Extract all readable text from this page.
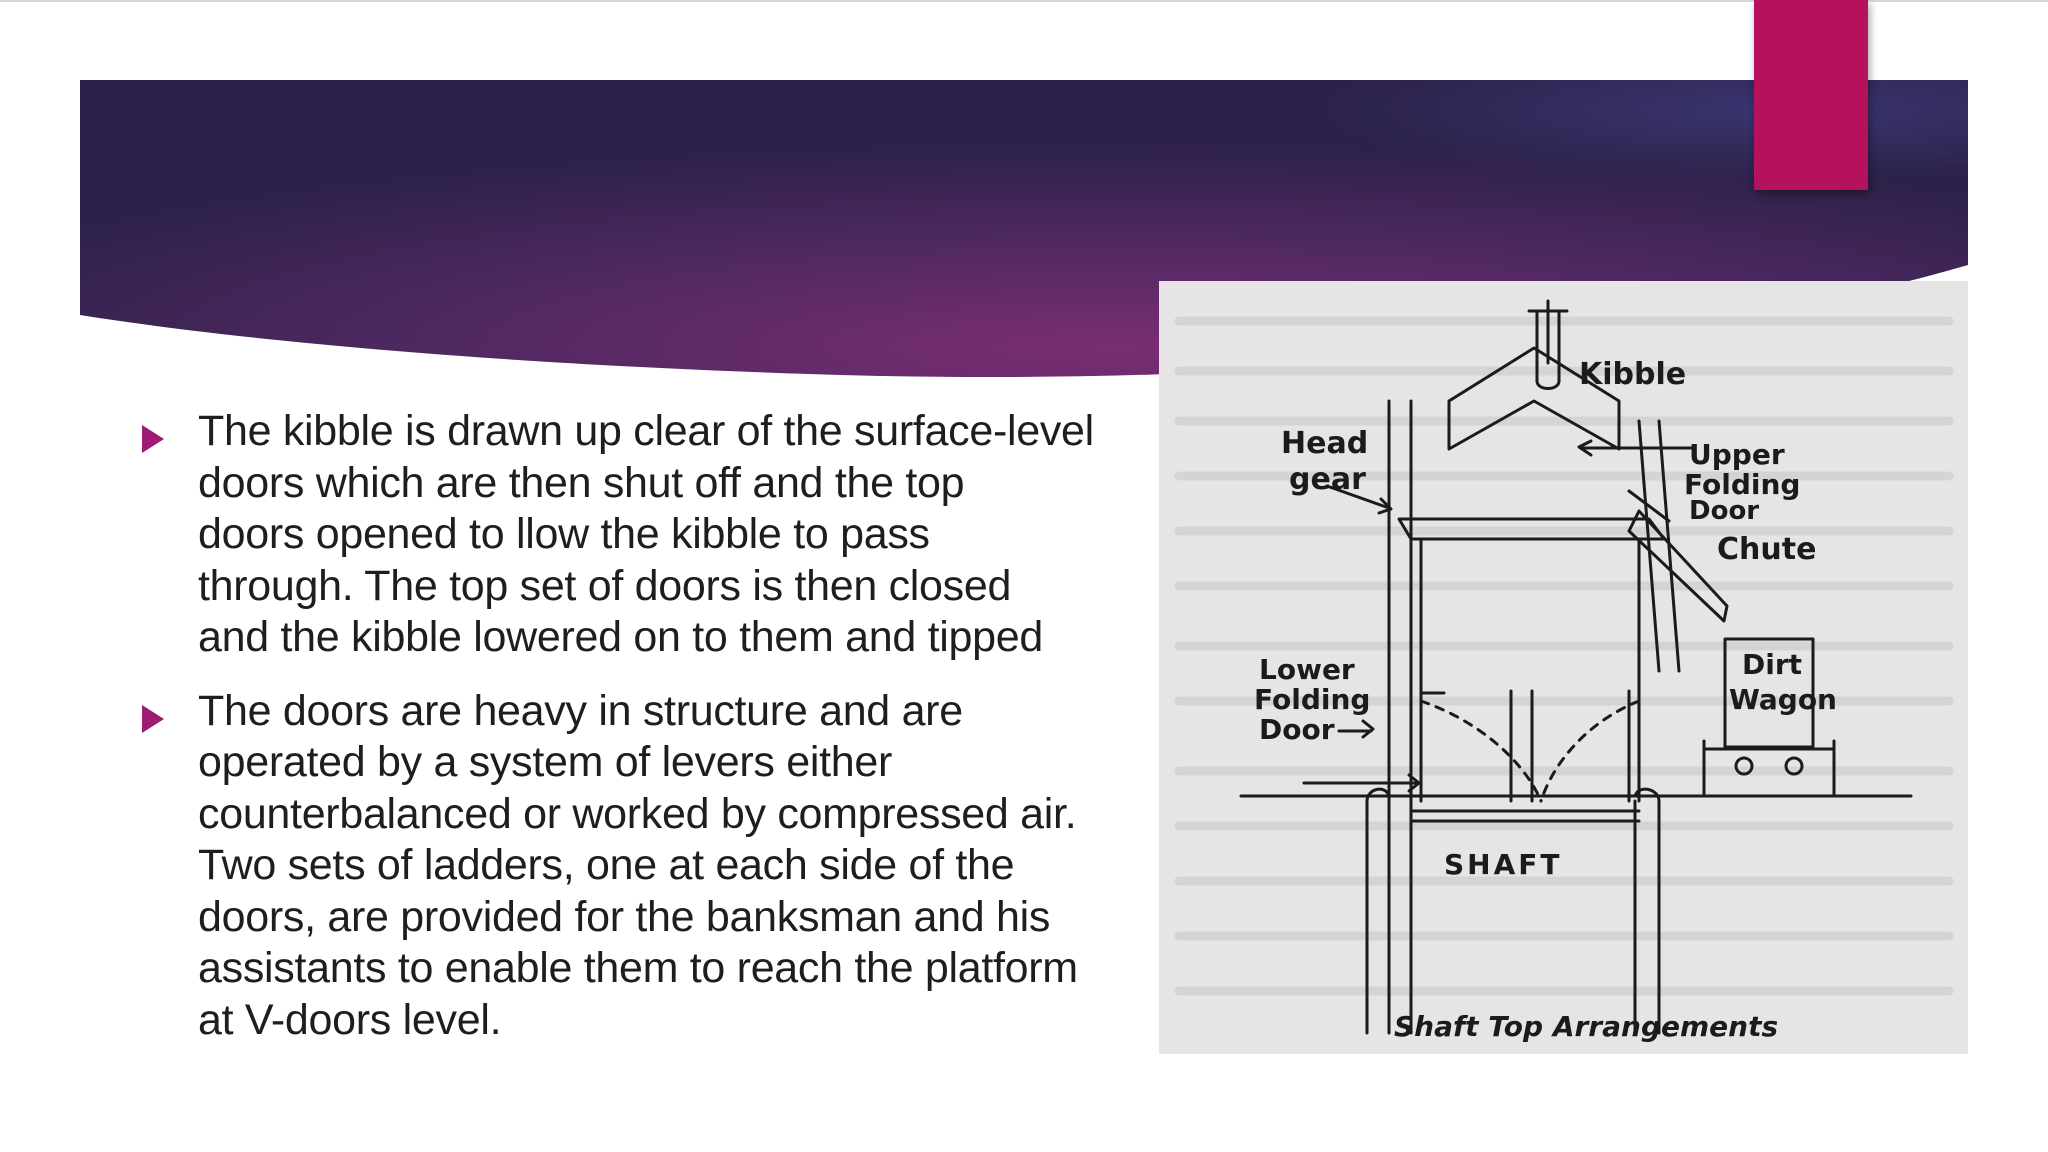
The kibble is drawn up clear of the surface-level
doors which are then shut off and the top
doors opened to llow the kibble to pass
through. The top set of doors is then closed
and the kibble lowered on to them and tipped
The doors are heavy in structure and are
operated by a system of levers either
counterbalanced or worked by compressed air.
Two sets of ladders, one at each side of the
doors, are provided for the banksman and his
assistants to enable them to reach the platform
at V-doors level.
Kibble
Head
gear
Upper
Folding
Door
Chute
Lower
Folding
Door
Dirt
Wagon
SHAFT
Shaft Top Arrangements
